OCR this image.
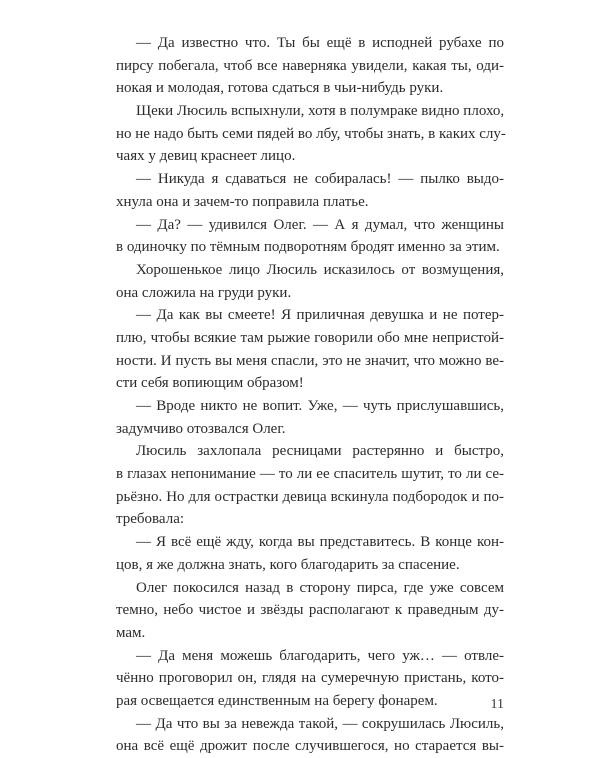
— Да известно что. Ты бы ещё в исподней рубахе по
пирсу побегала, чтоб все наверняка увидели, какая ты, оди-
нокая и молодая, готова сдаться в чьи-нибудь руки.
Щеки Люсиль вспыхнули, хотя в полумраке видно плохо,
но не надо быть семи пядей во лбу, чтобы знать, в каких слу-
чаях у девиц краснеет лицо.
— Никуда я сдаваться не собиралась! — пылко выдо-
хнула она и зачем-то поправила платье.
— Да? — удивился Олег. — А я думал, что женщины
в одиночку по тёмным подворотням бродят именно за этим.
Хорошенькое лицо Люсиль исказилось от возмущения,
она сложила на груди руки.
— Да как вы смеете! Я приличная девушка и не потер-
плю, чтобы всякие там рыжие говорили обо мне непристой-
ности. И пусть вы меня спасли, это не значит, что можно ве-
сти себя вопиющим образом!
— Вроде никто не вопит. Уже, — чуть прислушавшись,
задумчиво отозвался Олег.
Люсиль захлопала ресницами растерянно и быстро,
в глазах непонимание — то ли ее спаситель шутит, то ли се-
рьёзно. Но для острастки девица вскинула подбородок и по-
требовала:
— Я всё ещё жду, когда вы представитесь. В конце кон-
цов, я же должна знать, кого благодарить за спасение.
Олег покосился назад в сторону пирса, где уже совсем
темно, небо чистое и звёзды располагают к праведным ду-
мам.
— Да меня можешь благодарить, чего уж… — отвле-
чённо проговорил он, глядя на сумеречную пристань, кото-
рая освещается единственным на берегу фонарем.
— Да что вы за невежда такой, — сокрушилась Люсиль,
она всё ещё дрожит после случившегося, но старается вы-
11
